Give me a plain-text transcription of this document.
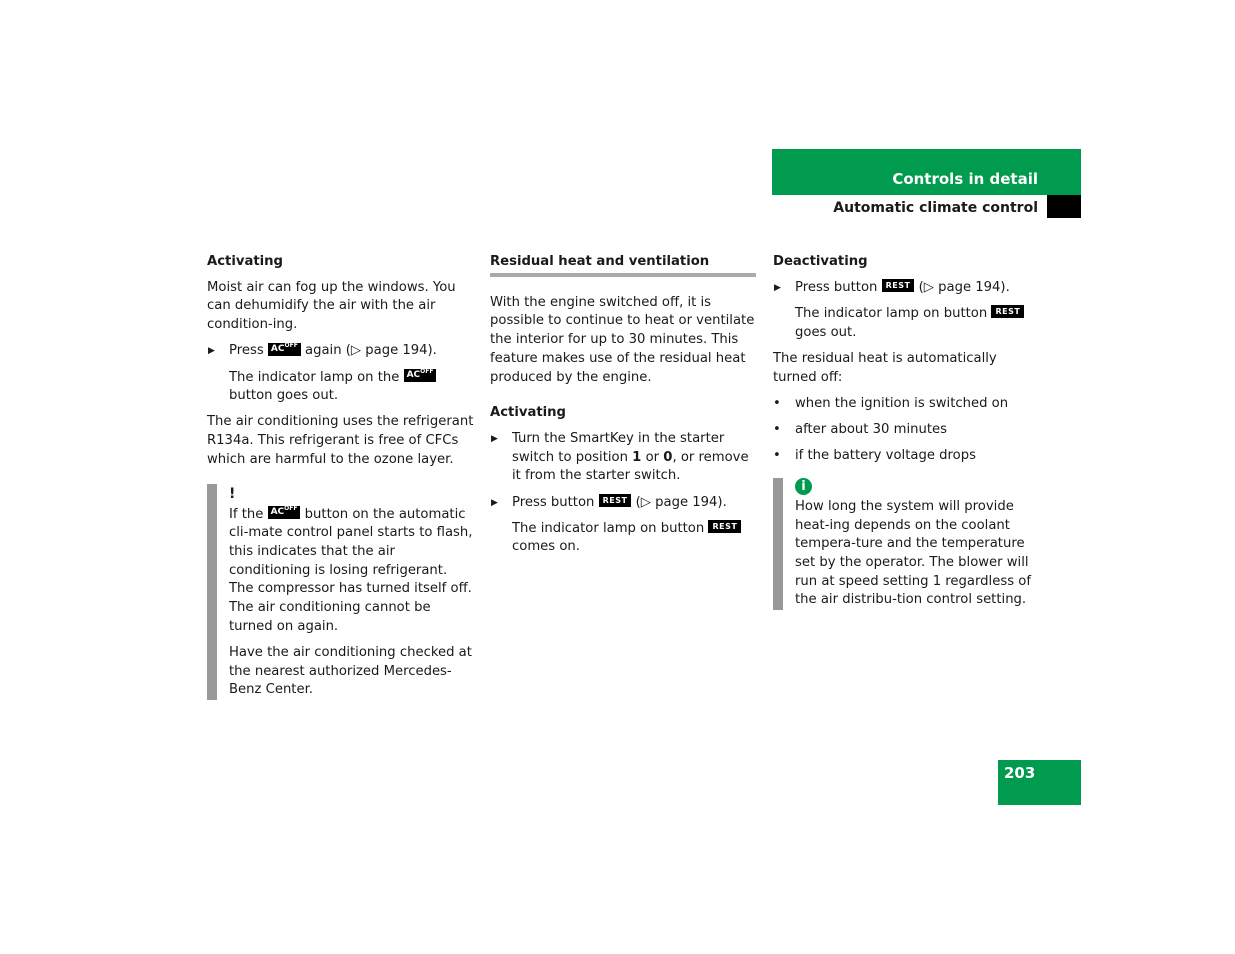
Controls in detail
Automatic climate control
Activating

Moist air can fog up the windows. You can dehumidify the air with the air condition-ing.

▶ Press $AC^{OFF}$ again (▷ page 194).
The indicator lamp on the $AC^{OFF}$ button goes out.

The air conditioning uses the refrigerant R134a. This refrigerant is free of CFCs which are harmful to the ozone layer.

!

If the $AC^{OFF}$ button on the automatic cli-mate control panel starts to flash, this indicates that the air conditioning is losing refrigerant. The compressor has turned itself off. The air conditioning cannot be turned on again.

Have the air conditioning checked at the nearest authorized Mercedes-Benz Center.

Residual heat and ventilation

With the engine switched off, it is possible to continue to heat or ventilate the interior for up to 30 minutes. This feature makes use of the residual heat produced by the engine.

Activating
▶ Turn the SmartKey in the starter switch to position 1 or 0, or remove it from the starter switch.
▶ Press button REST (▷ page 194).
The indicator lamp on button REST comes on.
Deactivating
▶ Press button REST (▷ page 194).
The indicator lamp on button REST goes out.

The residual heat is automatically turned off:

• when the ignition is switched on
• after about 30 minutes
• if the battery voltage drops
i

How long the system will provide heat-ing depends on the coolant tempera-ture and the temperature set by the operator. The blower will run at speed setting 1 regardless of the air distribu-tion control setting.

203
